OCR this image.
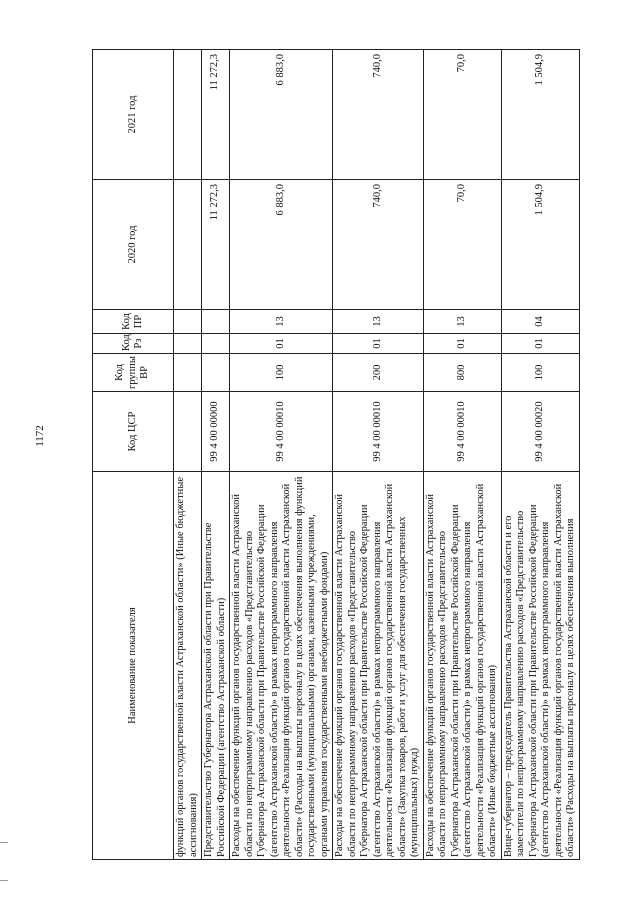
1172
Наименование показателя	Код ЦСР	Код группы ВР	Код Рз	Код ПР	2020 год	2021 год
функций органов государственной власти Астраханской области» (Иные бюджетные ассигнования)						
Представительство Губернатора Астраханской области при Правительстве Российской Федерации (агентство Астраханской области)	99 4 00 00000				11 272,3	11 272,3
Расходы на обеспечение функций органов государственной власти Астраханской области по непрограммному направлению расходов «Представительство Губернатора Астраханской области при Правительстве Российской Федерации (агентство Астраханской области)» в рамках непрограммного направления деятельности «Реализация функций органов государственной власти Астраханской области» (Расходы на выплаты персоналу в целях обеспечения выполнения функций государственными (муниципальными) органами, казенными учреждениями, органами управления государственными внебюджетными фондами)	99 4 00 00010	100	01	13	6 883,0	6 883,0
Расходы на обеспечение функций органов государственной власти Астраханской области по непрограммному направлению расходов «Представительство Губернатора Астраханской области при Правительстве Российской Федерации (агентство Астраханской области)» в рамках непрограммного направления деятельности «Реализация функций органов государственной власти Астраханской области» (Закупка товаров, работ и услуг для обеспечения государственных (муниципальных) нужд)	99 4 00 00010	200	01	13	740,0	740,0
Расходы на обеспечение функций органов государственной власти Астраханской области по непрограммному направлению расходов «Представительство Губернатора Астраханской области при Правительстве Российской Федерации (агентство Астраханской области)» в рамках непрограммного направления деятельности «Реализация функций органов государственной власти Астраханской области» (Иные бюджетные ассигнования)	99 4 00 00010	800	01	13	70,0	70,0
Вице-губернатор – председатель Правительства Астраханской области и его заместители по непрограммному направлению расходов «Представительство Губернатора Астраханской области при Правительстве Российской Федерации (агентство Астраханской области)» в рамках непрограммного направления деятельности «Реализация функций органов государственной власти Астраханской области» (Расходы на выплаты персоналу в целях обеспечения выполнения	99 4 00 00020	100	01	04	1 504,9	1 504,9
